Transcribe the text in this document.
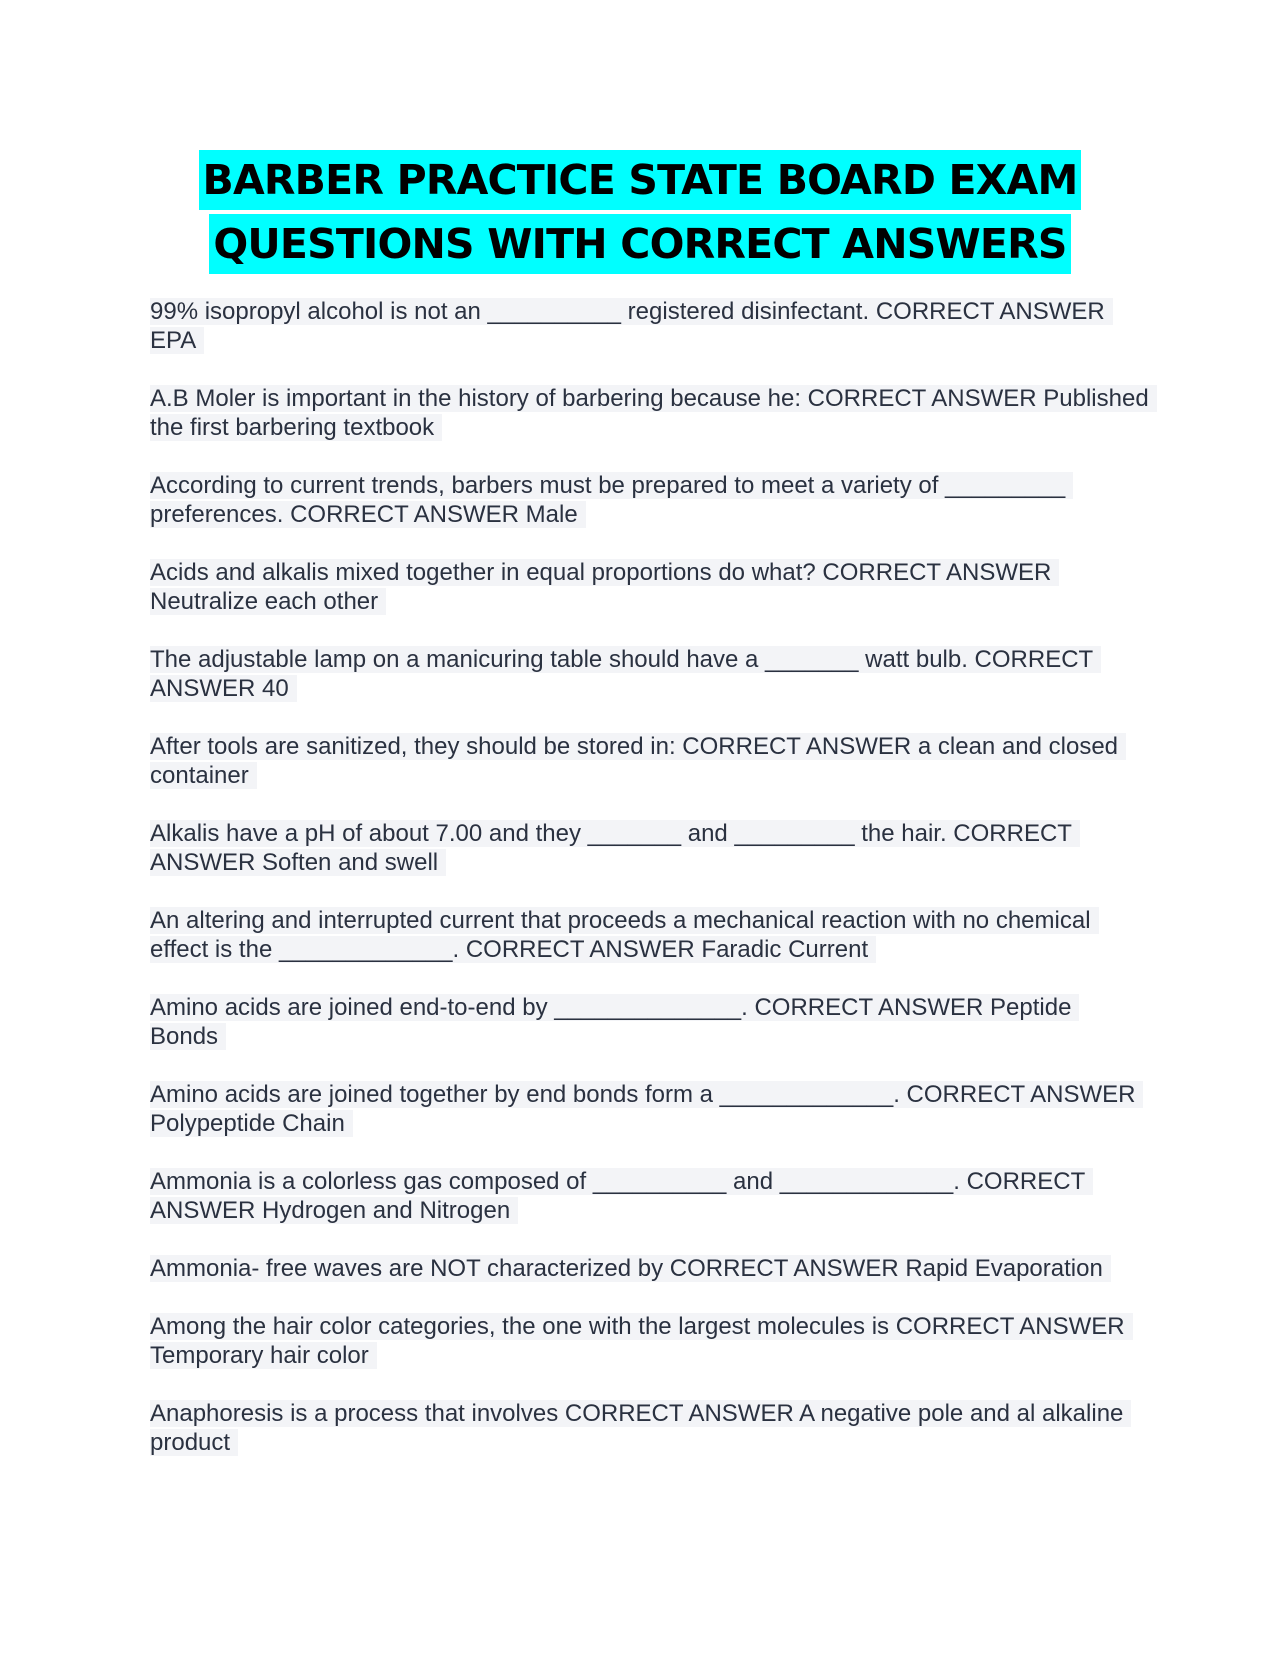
BARBER PRACTICE STATE BOARD EXAM
QUESTIONS WITH CORRECT ANSWERS
99% isopropyl alcohol is not an __________ registered disinfectant. CORRECT ANSWER EPA
A.B Moler is important in the history of barbering because he: CORRECT ANSWER Published the first barbering textbook
According to current trends, barbers must be prepared to meet a variety of _________ preferences. CORRECT ANSWER Male
Acids and alkalis mixed together in equal proportions do what? CORRECT ANSWER Neutralize each other
The adjustable lamp on a manicuring table should have a _______ watt bulb. CORRECT ANSWER 40
After tools are sanitized, they should be stored in: CORRECT ANSWER a clean and closed container
Alkalis have a pH of about 7.00 and they _______ and _________ the hair. CORRECT ANSWER Soften and swell
An altering and interrupted current that proceeds a mechanical reaction with no chemical effect is the _____________. CORRECT ANSWER Faradic Current
Amino acids are joined end-to-end by ______________. CORRECT ANSWER Peptide Bonds
Amino acids are joined together by end bonds form a _____________. CORRECT ANSWER Polypeptide Chain
Ammonia is a colorless gas composed of __________ and _____________. CORRECT ANSWER Hydrogen and Nitrogen
Ammonia- free waves are NOT characterized by CORRECT ANSWER Rapid Evaporation
Among the hair color categories, the one with the largest molecules is CORRECT ANSWER Temporary hair color
Anaphoresis is a process that involves CORRECT ANSWER A negative pole and al alkaline product
